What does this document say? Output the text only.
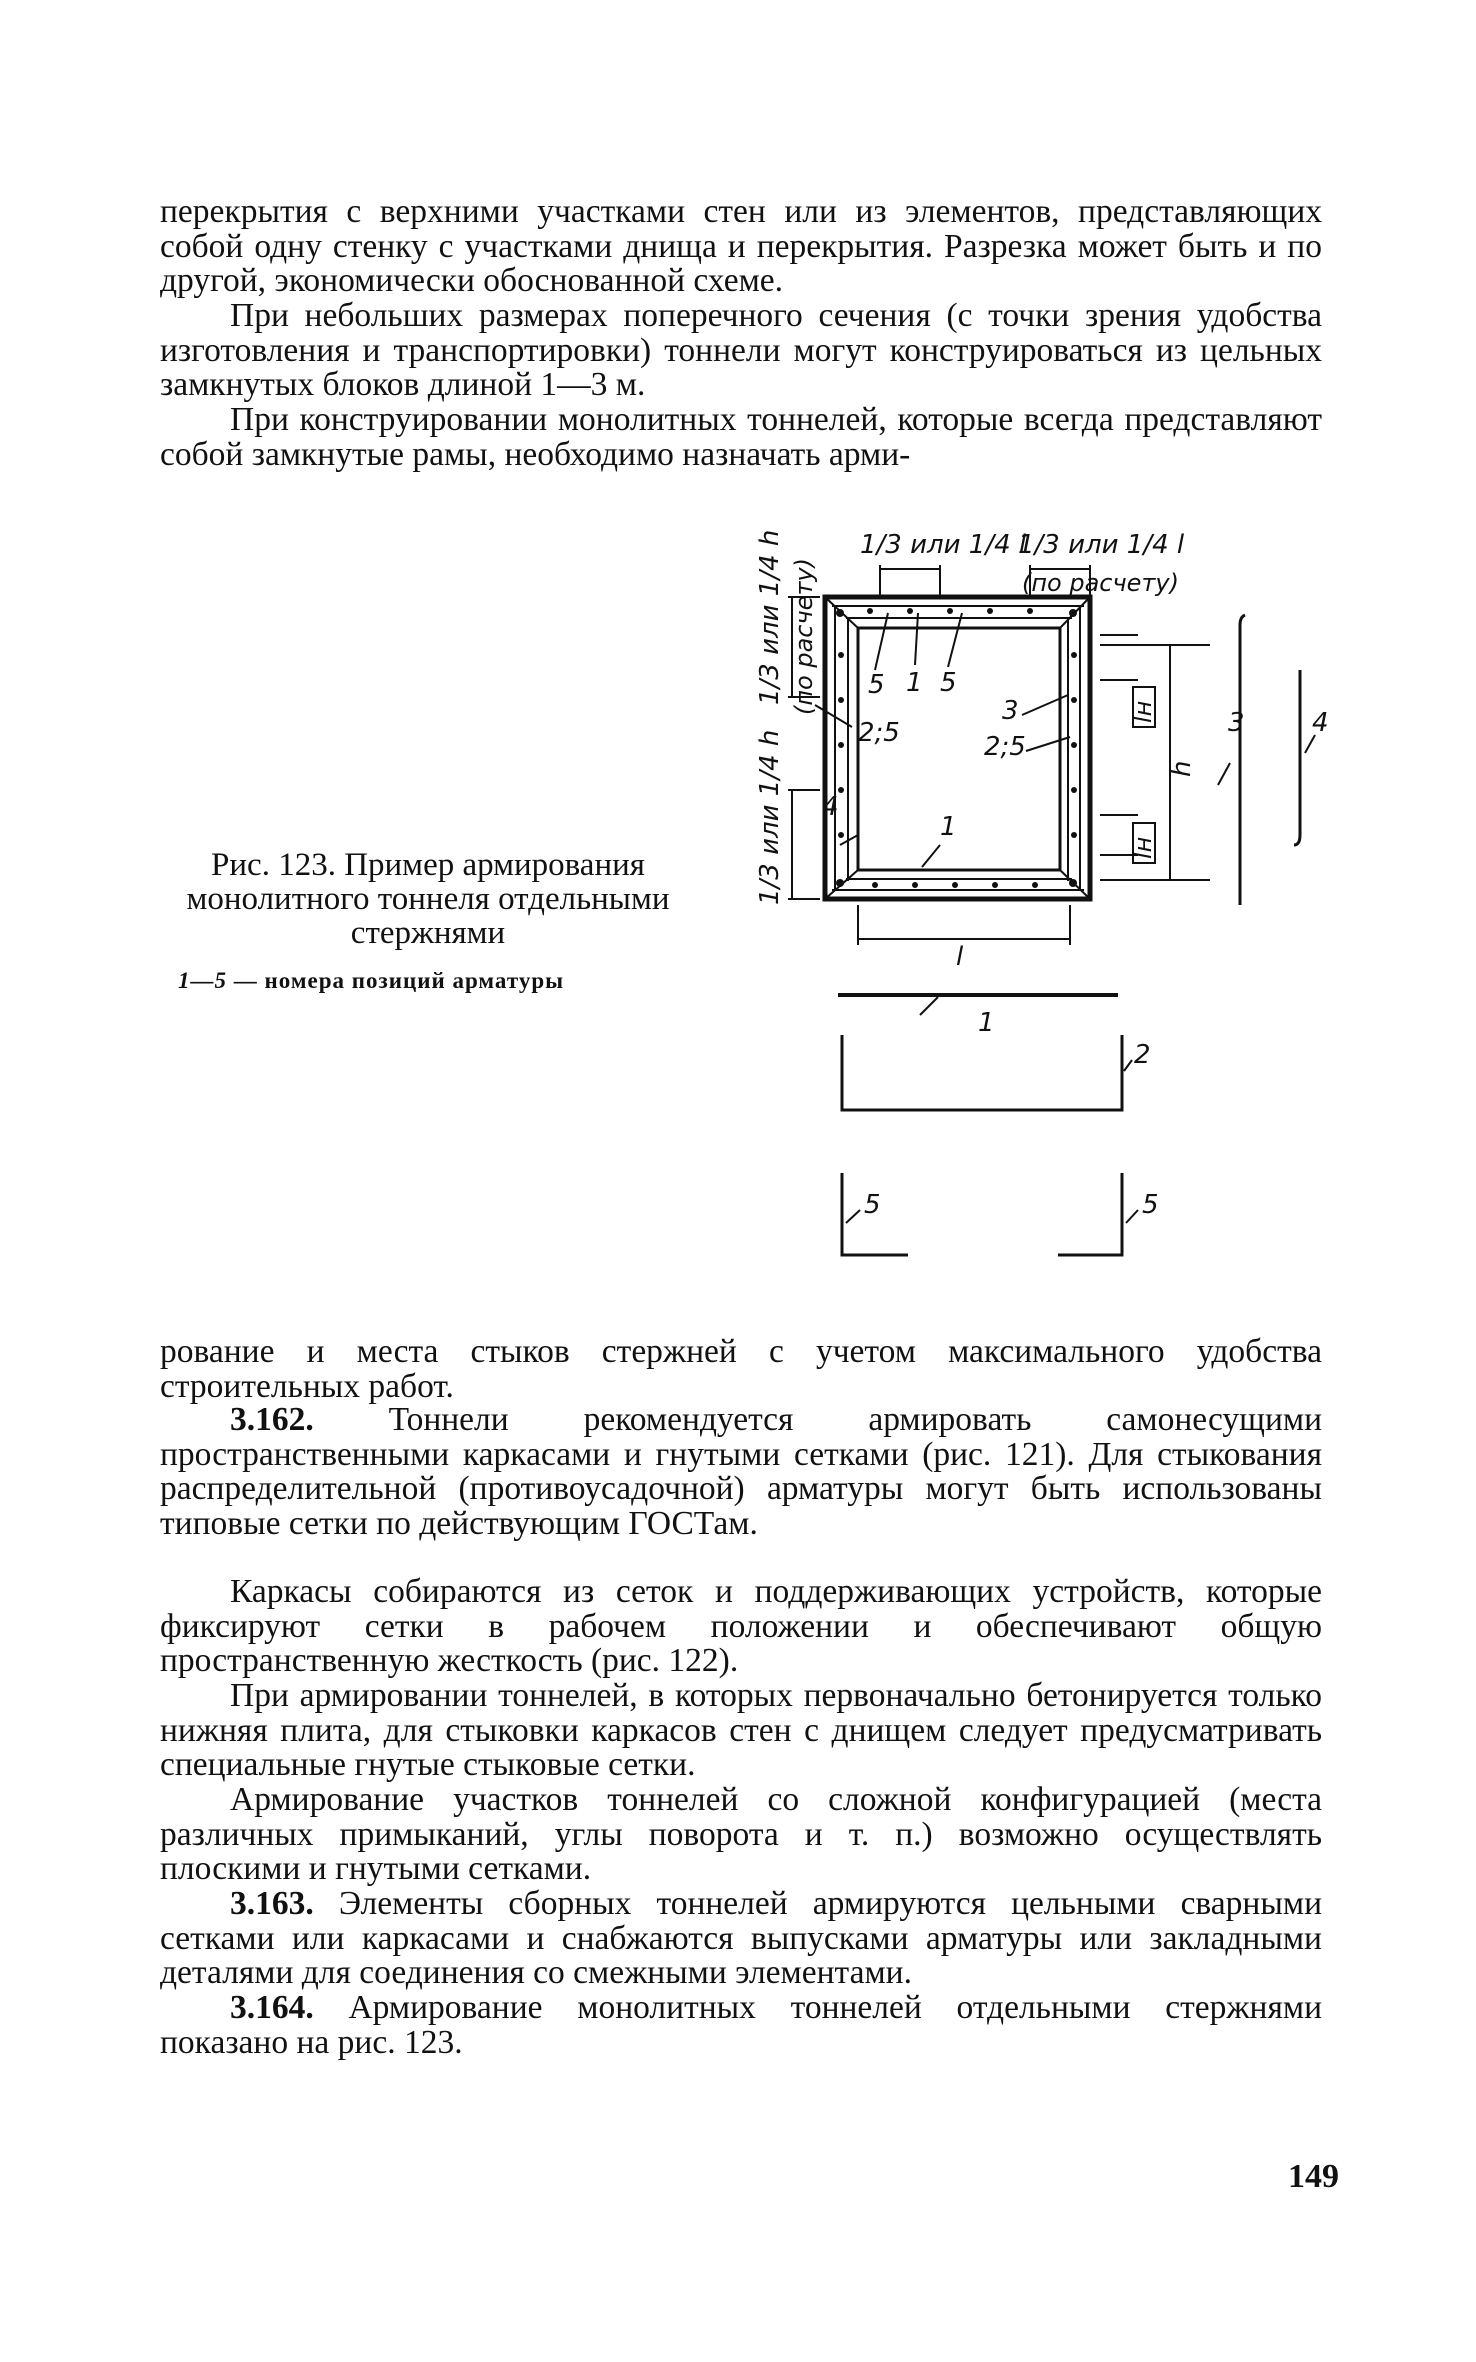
перекрытия с верхними участками стен или из элементов, представляющих собой одну стенку с участками днища и перекрытия. Разрезка может быть и по другой, экономически обоснованной схеме.

При небольших размерах поперечного сечения (с точки зрения удобства изготовления и транспортировки) тоннели могут конструироваться из цельных замкнутых блоков длиной 1—3 м.

При конструировании монолитных тоннелей, которые всегда представляют собой замкнутые рамы, необходимо назначать арми-

Рис. 123. Пример армирования монолитного тоннеля отдельными стержнями
1—5 — номера позиций арматуры
1/3 или 1/4 l
1/3 или 1/4 l
(по расчету)
1/3 или 1/4 h (по расчету)
1/3 или 1/4 h
5 1 5
2;5
3
2;5
4
1
h
lн
lн
3	4
l
1
2
5	5

рование и места стыков стержней с учетом максимального удобства строительных работ.

3.162. Тоннели рекомендуется армировать самонесущими пространственными каркасами и гнутыми сетками (рис. 121). Для стыкования распределительной (противоусадочной) арматуры могут быть использованы типовые сетки по действующим ГОСТам.

Каркасы собираются из сеток и поддерживающих устройств, которые фиксируют сетки в рабочем положении и обеспечивают общую пространственную жесткость (рис. 122).

При армировании тоннелей, в которых первоначально бетонируется только нижняя плита, для стыковки каркасов стен с днищем следует предусматривать специальные гнутые стыковые сетки.

Армирование участков тоннелей со сложной конфигурацией (места различных примыканий, углы поворота и т. п.) возможно осуществлять плоскими и гнутыми сетками.

3.163. Элементы сборных тоннелей армируются цельными сварными сетками или каркасами и снабжаются выпусками арматуры или закладными деталями для соединения со смежными элементами.

3.164. Армирование монолитных тоннелей отдельными стержнями показано на рис. 123.

149
